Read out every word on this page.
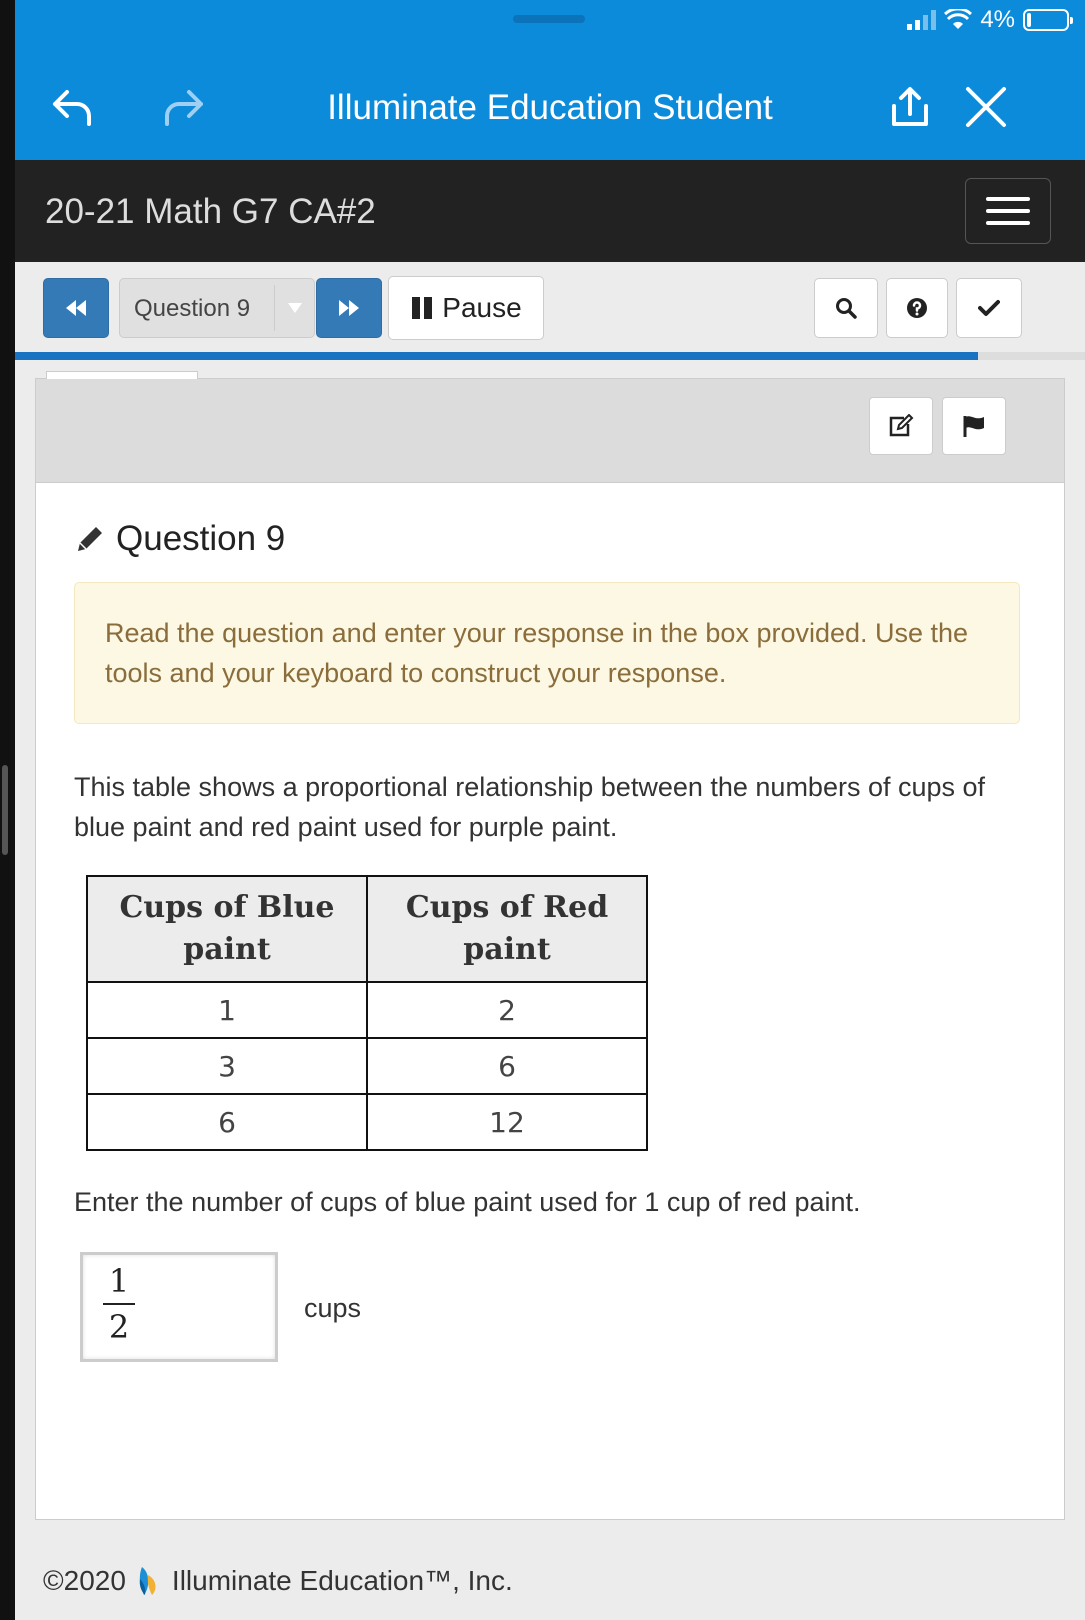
4%
Illuminate Education Student
20-21 Math G7 CA#2
Question 9	Pause
Question 9
Read the question and enter your response in the box provided. Use the tools and your keyboard to construct your response.
This table shows a proportional relationship between the numbers of cups of blue paint and red paint used for purple paint.
Cups of Blue paint	Cups of Red paint
1	2
3	6
6	12
Enter the number of cups of blue paint used for 1 cup of red paint.
1
2	cups
©2020 Illuminate Education™, Inc.
